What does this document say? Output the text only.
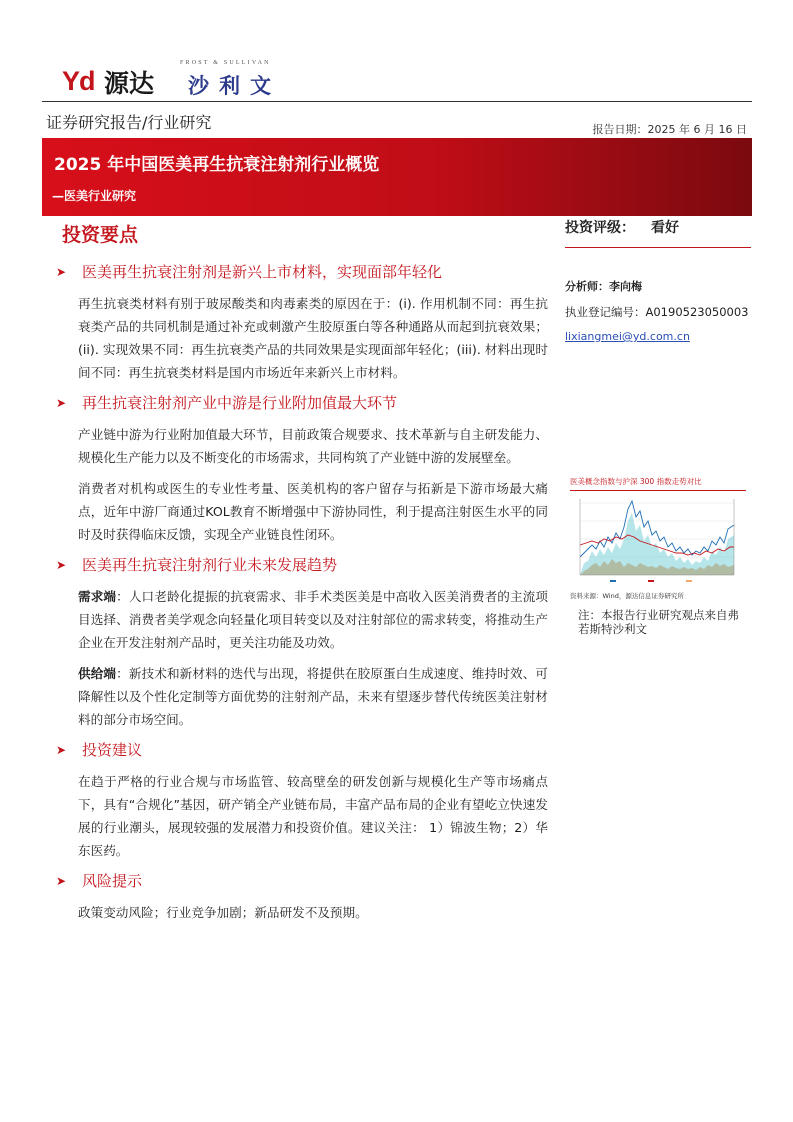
Yd 源达
FROST & SULLIVAN
沙利文
证券研究报告/行业研究	报告日期：2025 年 6 月 16 日
2025 年中国医美再生抗衰注射剂行业概览
—医美行业研究
投资要点
➤	医美再生抗衰注射剂是新兴上市材料，实现面部年轻化

再生抗衰类材料有别于玻尿酸类和肉毒素类的原因在于：(i). 作用机制不同：再生抗衰类产品的共同机制是通过补充或刺激产生胶原蛋白等各种通路从而起到抗衰效果；(ii). 实现效果不同：再生抗衰类产品的共同效果是实现面部年轻化；(iii). 材料出现时间不同：再生抗衰类材料是国内市场近年来新兴上市材料。

➤	再生抗衰注射剂产业中游是行业附加值最大环节

产业链中游为行业附加值最大环节，目前政策合规要求、技术革新与自主研发能力、规模化生产能力以及不断变化的市场需求，共同构筑了产业链中游的发展壁垒。

消费者对机构或医生的专业性考量、医美机构的客户留存与拓新是下游市场最大痛点，近年中游厂商通过KOL教育不断增强中下游协同性，利于提高注射医生水平的同时及时获得临床反馈，实现全产业链良性闭环。

➤	医美再生抗衰注射剂行业未来发展趋势

需求端：人口老龄化提振的抗衰需求、非手术类医美是中高收入医美消费者的主流项目选择、消费者美学观念向轻量化项目转变以及对注射部位的需求转变，将推动生产企业在开发注射剂产品时，更关注功能及功效。

供给端：新技术和新材料的迭代与出现，将提供在胶原蛋白生成速度、维持时效、可降解性以及个性化定制等方面优势的注射剂产品，未来有望逐步替代传统医美注射材料的部分市场空间。

➤	投资建议

在趋于严格的行业合规与市场监管、较高壁垒的研发创新与规模化生产等市场痛点下，具有“合规化”基因，研产销全产业链布局，丰富产品布局的企业有望屹立快速发展的行业潮头，展现较强的发展潜力和投资价值。建议关注： 1）锦波生物；2）华东医药。

➤	风险提示

政策变动风险；行业竞争加剧；新品研发不及预期。

投资评级： 看好
分析师：李向梅
执业登记编号：A0190523050003
lixiangmei@yd.com.cn
医美概念指数与沪深 300 指数走势对比
资料来源：Wind，源达信息证券研究所
注：本报告行业研究观点来自弗若斯特沙利文
